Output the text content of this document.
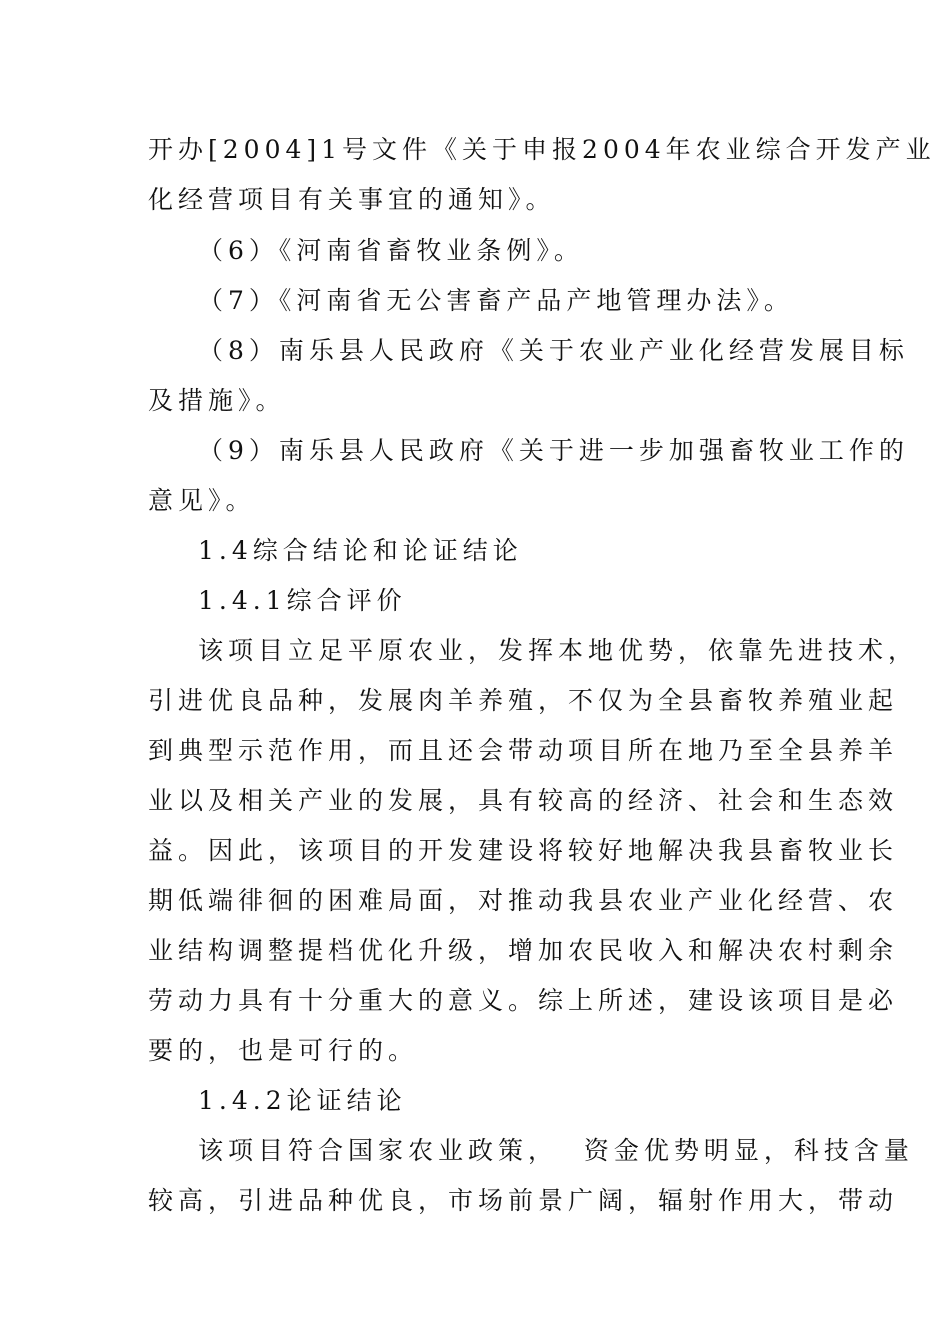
开办[2004]1号文件《关于申报2004年农业综合开发产业
化经营项目有关事宜的通知》。
（6）《河南省畜牧业条例》。
（7）《河南省无公害畜产品产地管理办法》。
（8）南乐县人民政府《关于农业产业化经营发展目标
及措施》。
（9）南乐县人民政府《关于进一步加强畜牧业工作的
意见》。
1.4综合结论和论证结论
1.4.1综合评价
该项目立足平原农业，发挥本地优势，依靠先进技术，
引进优良品种，发展肉羊养殖，不仅为全县畜牧养殖业起
到典型示范作用，而且还会带动项目所在地乃至全县养羊
业以及相关产业的发展，具有较高的经济、社会和生态效
益。因此，该项目的开发建设将较好地解决我县畜牧业长
期低端徘徊的困难局面，对推动我县农业产业化经营、农
业结构调整提档优化升级，增加农民收入和解决农村剩余
劳动力具有十分重大的意义。综上所述，建设该项目是必
要的，也是可行的。
1.4.2论证结论
该项目符合国家农业政策，  资金优势明显，科技含量
较高，引进品种优良，市场前景广阔，辐射作用大，带动
